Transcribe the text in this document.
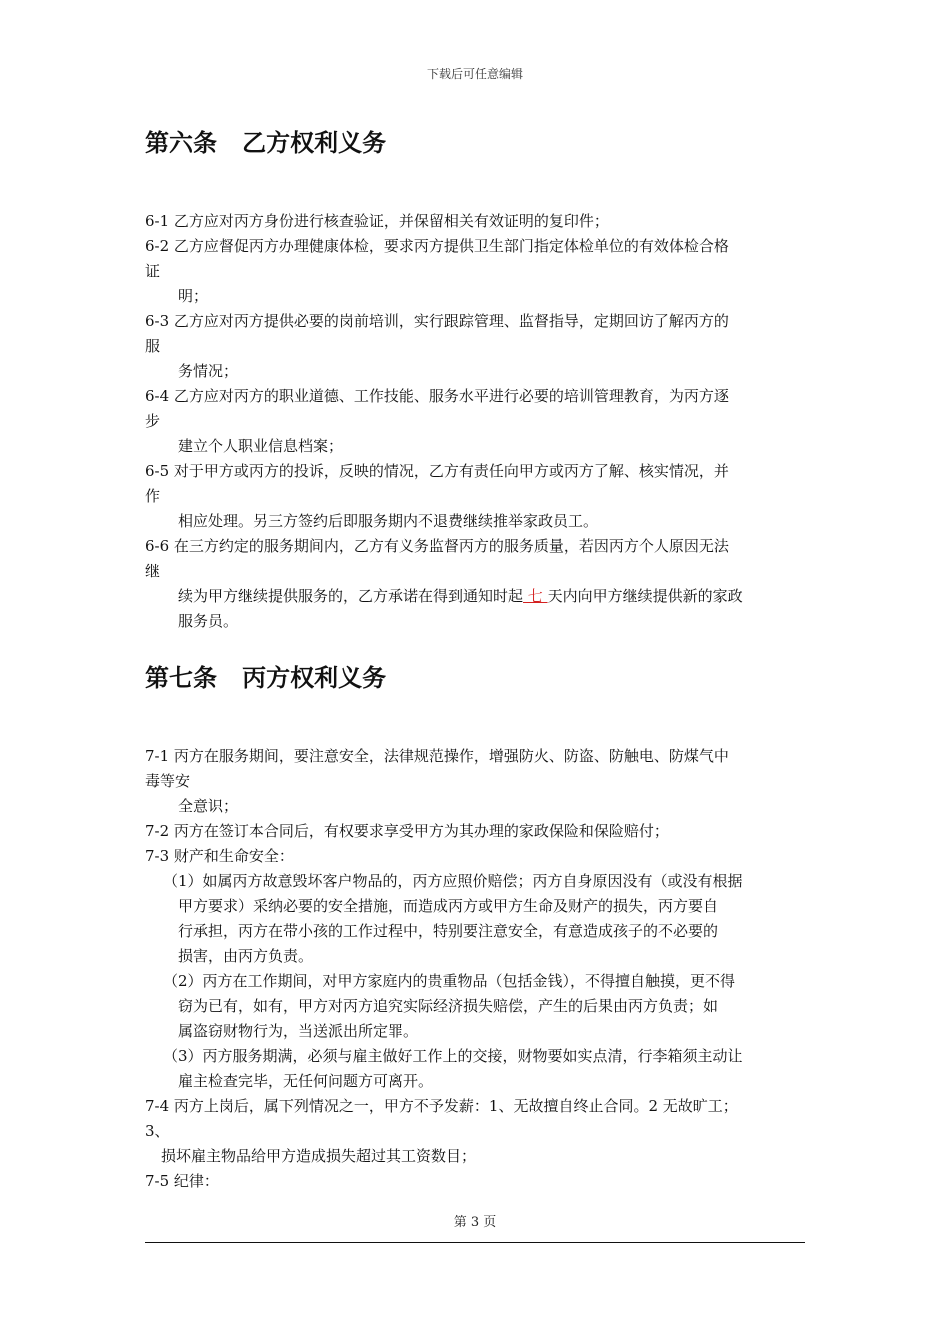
下载后可任意编辑
第六条   乙方权利义务
6-1 乙方应对丙方身份进行核查验证，并保留相关有效证明的复印件；
6-2 乙方应督促丙方办理健康体检，要求丙方提供卫生部门指定体检单位的有效体检合格
证
明；
6-3 乙方应对丙方提供必要的岗前培训，实行跟踪管理、监督指导，定期回访了解丙方的
服
务情况；
6-4 乙方应对丙方的职业道德、工作技能、服务水平进行必要的培训管理教育，为丙方逐
步
建立个人职业信息档案；
6-5 对于甲方或丙方的投诉，反映的情况，乙方有责任向甲方或丙方了解、核实情况，并
作
相应处理。另三方签约后即服务期内不退费继续推举家政员工。
6-6 在三方约定的服务期间内，乙方有义务监督丙方的服务质量，若因丙方个人原因无法
继
续为甲方继续提供服务的，乙方承诺在得到通知时起 七 天内向甲方继续提供新的家政
服务员。
第七条   丙方权利义务
7-1 丙方在服务期间，要注意安全，法律规范操作，增强防火、防盗、防触电、防煤气中
毒等安
全意识；
7-2 丙方在签订本合同后，有权要求享受甲方为其办理的家政保险和保险赔付；
7-3 财产和生命安全：
（1）如属丙方故意毁坏客户物品的，丙方应照价赔偿；丙方自身原因没有（或没有根据
甲方要求）采纳必要的安全措施，而造成丙方或甲方生命及财产的损失，丙方要自
行承担，丙方在带小孩的工作过程中，特别要注意安全，有意造成孩子的不必要的
损害，由丙方负责。
（2）丙方在工作期间，对甲方家庭内的贵重物品（包括金钱），不得擅自触摸，更不得
窃为已有，如有，甲方对丙方追究实际经济损失赔偿，产生的后果由丙方负责；如
属盗窃财物行为，当送派出所定罪。
（3）丙方服务期满，必须与雇主做好工作上的交接，财物要如实点清，行李箱须主动让
雇主检查完毕，无任何问题方可离开。
7-4 丙方上岗后，属下列情况之一，甲方不予发薪：1、无故擅自终止合同。2 无故旷工；
3、
损坏雇主物品给甲方造成损失超过其工资数目；
7-5 纪律：
第 3 页
